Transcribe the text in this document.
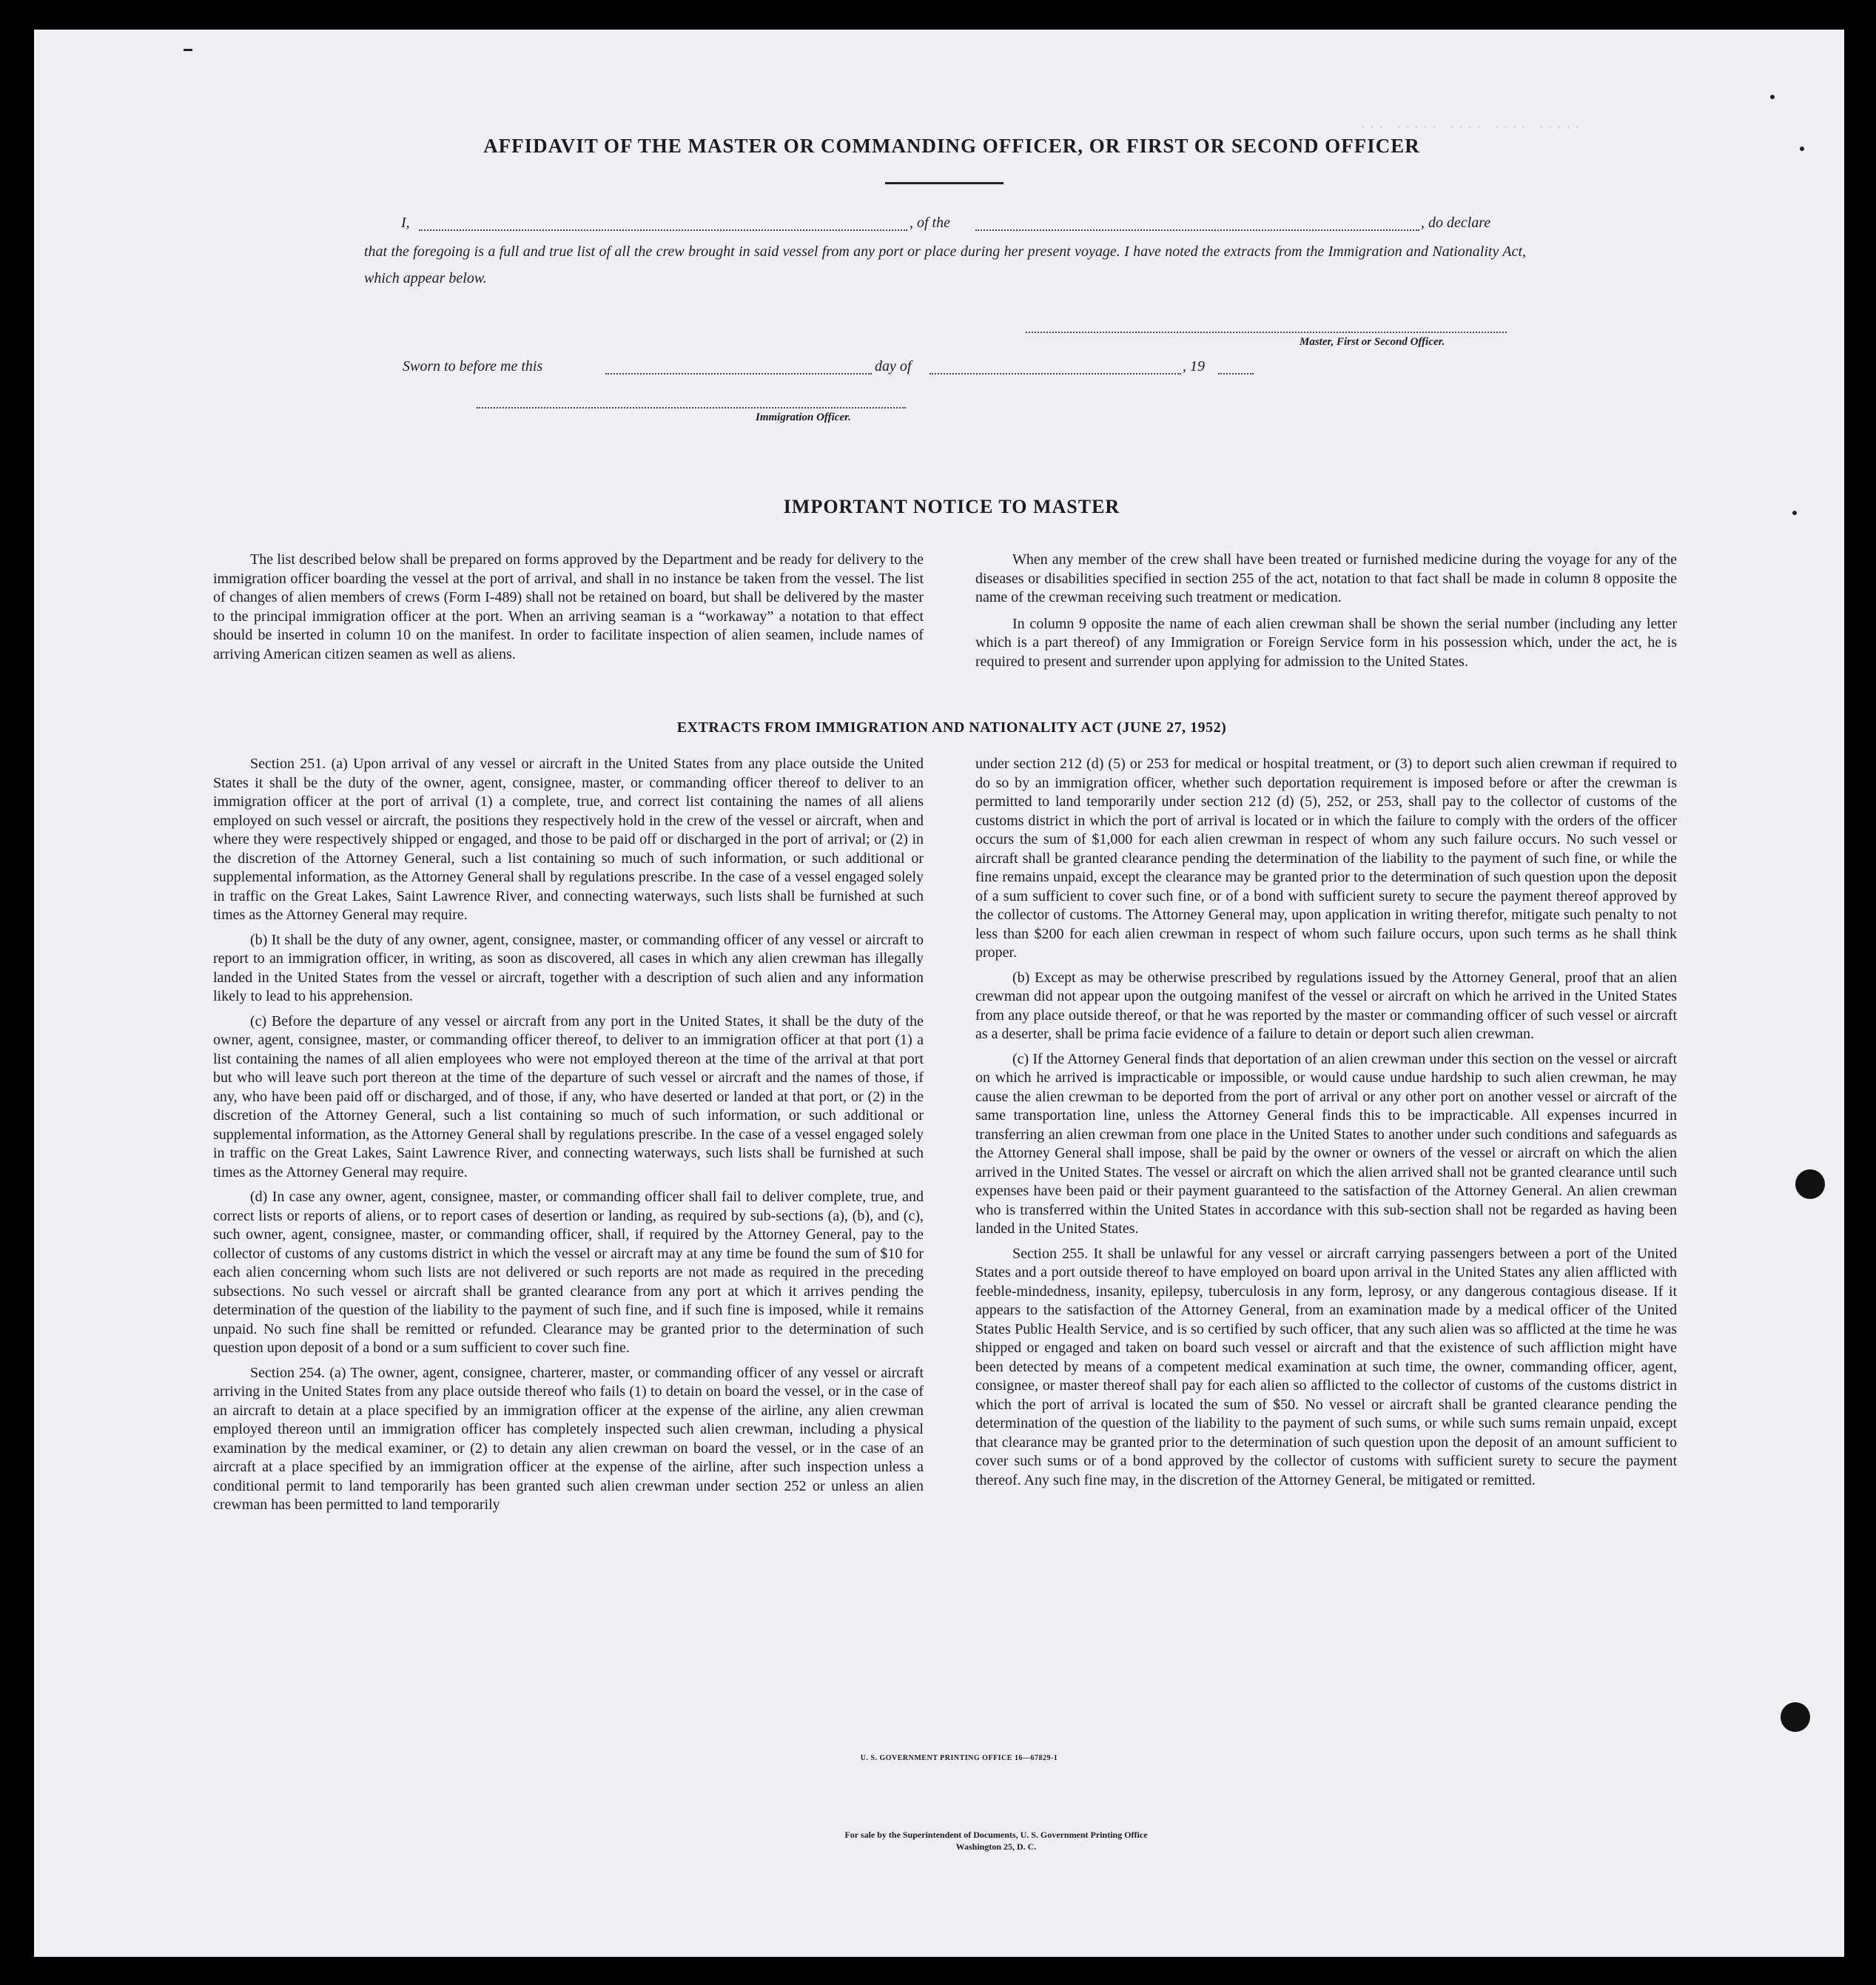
AFFIDAVIT OF THE MASTER OR COMMANDING OFFICER, OR FIRST OR SECOND OFFICER
I,	, of the	, do declare
that the foregoing is a full and true list of all the crew brought in said vessel from any port or place during her present voyage. I have noted the extracts from the Immigration and Nationality Act, which appear below.
Master, First or Second Officer.
Sworn to before me this	day of	, 19
Immigration Officer.
IMPORTANT NOTICE TO MASTER

The list described below shall be prepared on forms approved by the Department and be ready for delivery to the immigration officer boarding the vessel at the port of arrival, and shall in no instance be taken from the vessel. The list of changes of alien members of crews (Form I-489) shall not be retained on board, but shall be delivered by the master to the principal immigration officer at the port. When an arriving seaman is a “workaway” a notation to that effect should be inserted in column 10 on the manifest. In order to facilitate inspection of alien seamen, include names of arriving American citizen seamen as well as aliens.

When any member of the crew shall have been treated or furnished medicine during the voyage for any of the diseases or disabilities specified in section 255 of the act, notation to that fact shall be made in column 8 opposite the name of the crewman receiving such treatment or medication.

In column 9 opposite the name of each alien crewman shall be shown the serial number (including any letter which is a part thereof) of any Immigration or Foreign Service form in his possession which, under the act, he is required to present and surrender upon applying for admission to the United States.

EXTRACTS FROM IMMIGRATION AND NATIONALITY ACT (JUNE 27, 1952)

Section 251. (a) Upon arrival of any vessel or aircraft in the United States from any place outside the United States it shall be the duty of the owner, agent, consignee, master, or commanding officer thereof to deliver to an immigration officer at the port of arrival (1) a complete, true, and correct list containing the names of all aliens employed on such vessel or aircraft, the positions they respectively hold in the crew of the vessel or aircraft, when and where they were respectively shipped or engaged, and those to be paid off or discharged in the port of arrival; or (2) in the discretion of the Attorney General, such a list containing so much of such information, or such additional or supplemental information, as the Attorney General shall by regulations prescribe. In the case of a vessel engaged solely in traffic on the Great Lakes, Saint Lawrence River, and connecting waterways, such lists shall be furnished at such times as the Attorney General may require.

(b) It shall be the duty of any owner, agent, consignee, master, or commanding officer of any vessel or aircraft to report to an immigration officer, in writing, as soon as discovered, all cases in which any alien crewman has illegally landed in the United States from the vessel or aircraft, together with a description of such alien and any information likely to lead to his apprehension.

(c) Before the departure of any vessel or aircraft from any port in the United States, it shall be the duty of the owner, agent, consignee, master, or commanding officer thereof, to deliver to an immigration officer at that port (1) a list containing the names of all alien employees who were not employed thereon at the time of the arrival at that port but who will leave such port thereon at the time of the departure of such vessel or aircraft and the names of those, if any, who have been paid off or discharged, and of those, if any, who have deserted or landed at that port, or (2) in the discretion of the Attorney General, such a list containing so much of such information, or such additional or supplemental information, as the Attorney General shall by regulations prescribe. In the case of a vessel engaged solely in traffic on the Great Lakes, Saint Lawrence River, and connecting waterways, such lists shall be furnished at such times as the Attorney General may require.

(d) In case any owner, agent, consignee, master, or commanding officer shall fail to deliver complete, true, and correct lists or reports of aliens, or to report cases of desertion or landing, as required by sub-sections (a), (b), and (c), such owner, agent, consignee, master, or commanding officer, shall, if required by the Attorney General, pay to the collector of customs of any customs district in which the vessel or aircraft may at any time be found the sum of $10 for each alien concerning whom such lists are not delivered or such reports are not made as required in the preceding subsections. No such vessel or aircraft shall be granted clearance from any port at which it arrives pending the determination of the question of the liability to the payment of such fine, and if such fine is imposed, while it remains unpaid. No such fine shall be remitted or refunded. Clearance may be granted prior to the determination of such question upon deposit of a bond or a sum sufficient to cover such fine.

Section 254. (a) The owner, agent, consignee, charterer, master, or commanding officer of any vessel or aircraft arriving in the United States from any place outside thereof who fails (1) to detain on board the vessel, or in the case of an aircraft to detain at a place specified by an immigration officer at the expense of the airline, any alien crewman employed thereon until an immigration officer has completely inspected such alien crewman, including a physical examination by the medical examiner, or (2) to detain any alien crewman on board the vessel, or in the case of an aircraft at a place specified by an immigration officer at the expense of the airline, after such inspection unless a conditional permit to land temporarily has been granted such alien crewman under section 252 or unless an alien crewman has been permitted to land temporarily

under section 212 (d) (5) or 253 for medical or hospital treatment, or (3) to deport such alien crewman if required to do so by an immigration officer, whether such deportation requirement is imposed before or after the crewman is permitted to land temporarily under section 212 (d) (5), 252, or 253, shall pay to the collector of customs of the customs district in which the port of arrival is located or in which the failure to comply with the orders of the officer occurs the sum of $1,000 for each alien crewman in respect of whom any such failure occurs. No such vessel or aircraft shall be granted clearance pending the determination of the liability to the payment of such fine, or while the fine remains unpaid, except the clearance may be granted prior to the determination of such question upon the deposit of a sum sufficient to cover such fine, or of a bond with sufficient surety to secure the payment thereof approved by the collector of customs. The Attorney General may, upon application in writing therefor, mitigate such penalty to not less than $200 for each alien crewman in respect of whom such failure occurs, upon such terms as he shall think proper.

(b) Except as may be otherwise prescribed by regulations issued by the Attorney General, proof that an alien crewman did not appear upon the outgoing manifest of the vessel or aircraft on which he arrived in the United States from any place outside thereof, or that he was reported by the master or commanding officer of such vessel or aircraft as a deserter, shall be prima facie evidence of a failure to detain or deport such alien crewman.

(c) If the Attorney General finds that deportation of an alien crewman under this section on the vessel or aircraft on which he arrived is impracticable or impossible, or would cause undue hardship to such alien crewman, he may cause the alien crewman to be deported from the port of arrival or any other port on another vessel or aircraft of the same transportation line, unless the Attorney General finds this to be impracticable. All expenses incurred in transferring an alien crewman from one place in the United States to another under such conditions and safeguards as the Attorney General shall impose, shall be paid by the owner or owners of the vessel or aircraft on which the alien arrived in the United States. The vessel or aircraft on which the alien arrived shall not be granted clearance until such expenses have been paid or their payment guaranteed to the satisfaction of the Attorney General. An alien crewman who is transferred within the United States in accordance with this sub-section shall not be regarded as having been landed in the United States.

Section 255. It shall be unlawful for any vessel or aircraft carrying passengers between a port of the United States and a port outside thereof to have employed on board upon arrival in the United States any alien afflicted with feeble-mindedness, insanity, epilepsy, tuberculosis in any form, leprosy, or any dangerous contagious disease. If it appears to the satisfaction of the Attorney General, from an examination made by a medical officer of the United States Public Health Service, and is so certified by such officer, that any such alien was so afflicted at the time he was shipped or engaged and taken on board such vessel or aircraft and that the existence of such affliction might have been detected by means of a competent medical examination at such time, the owner, commanding officer, agent, consignee, or master thereof shall pay for each alien so afflicted to the collector of customs of the customs district in which the port of arrival is located the sum of $50. No vessel or aircraft shall be granted clearance pending the determination of the question of the liability to the payment of such sums, or while such sums remain unpaid, except that clearance may be granted prior to the determination of such question upon the deposit of an amount sufficient to cover such sums or of a bond approved by the collector of customs with sufficient surety to secure the payment thereof. Any such fine may, in the discretion of the Attorney General, be mitigated or remitted.

U. S. GOVERNMENT PRINTING OFFICE 16—67829-1
For sale by the Superintendent of Documents, U. S. Government Printing Office
Washington 25, D. C.
··· ····· ···· ···· ·····
